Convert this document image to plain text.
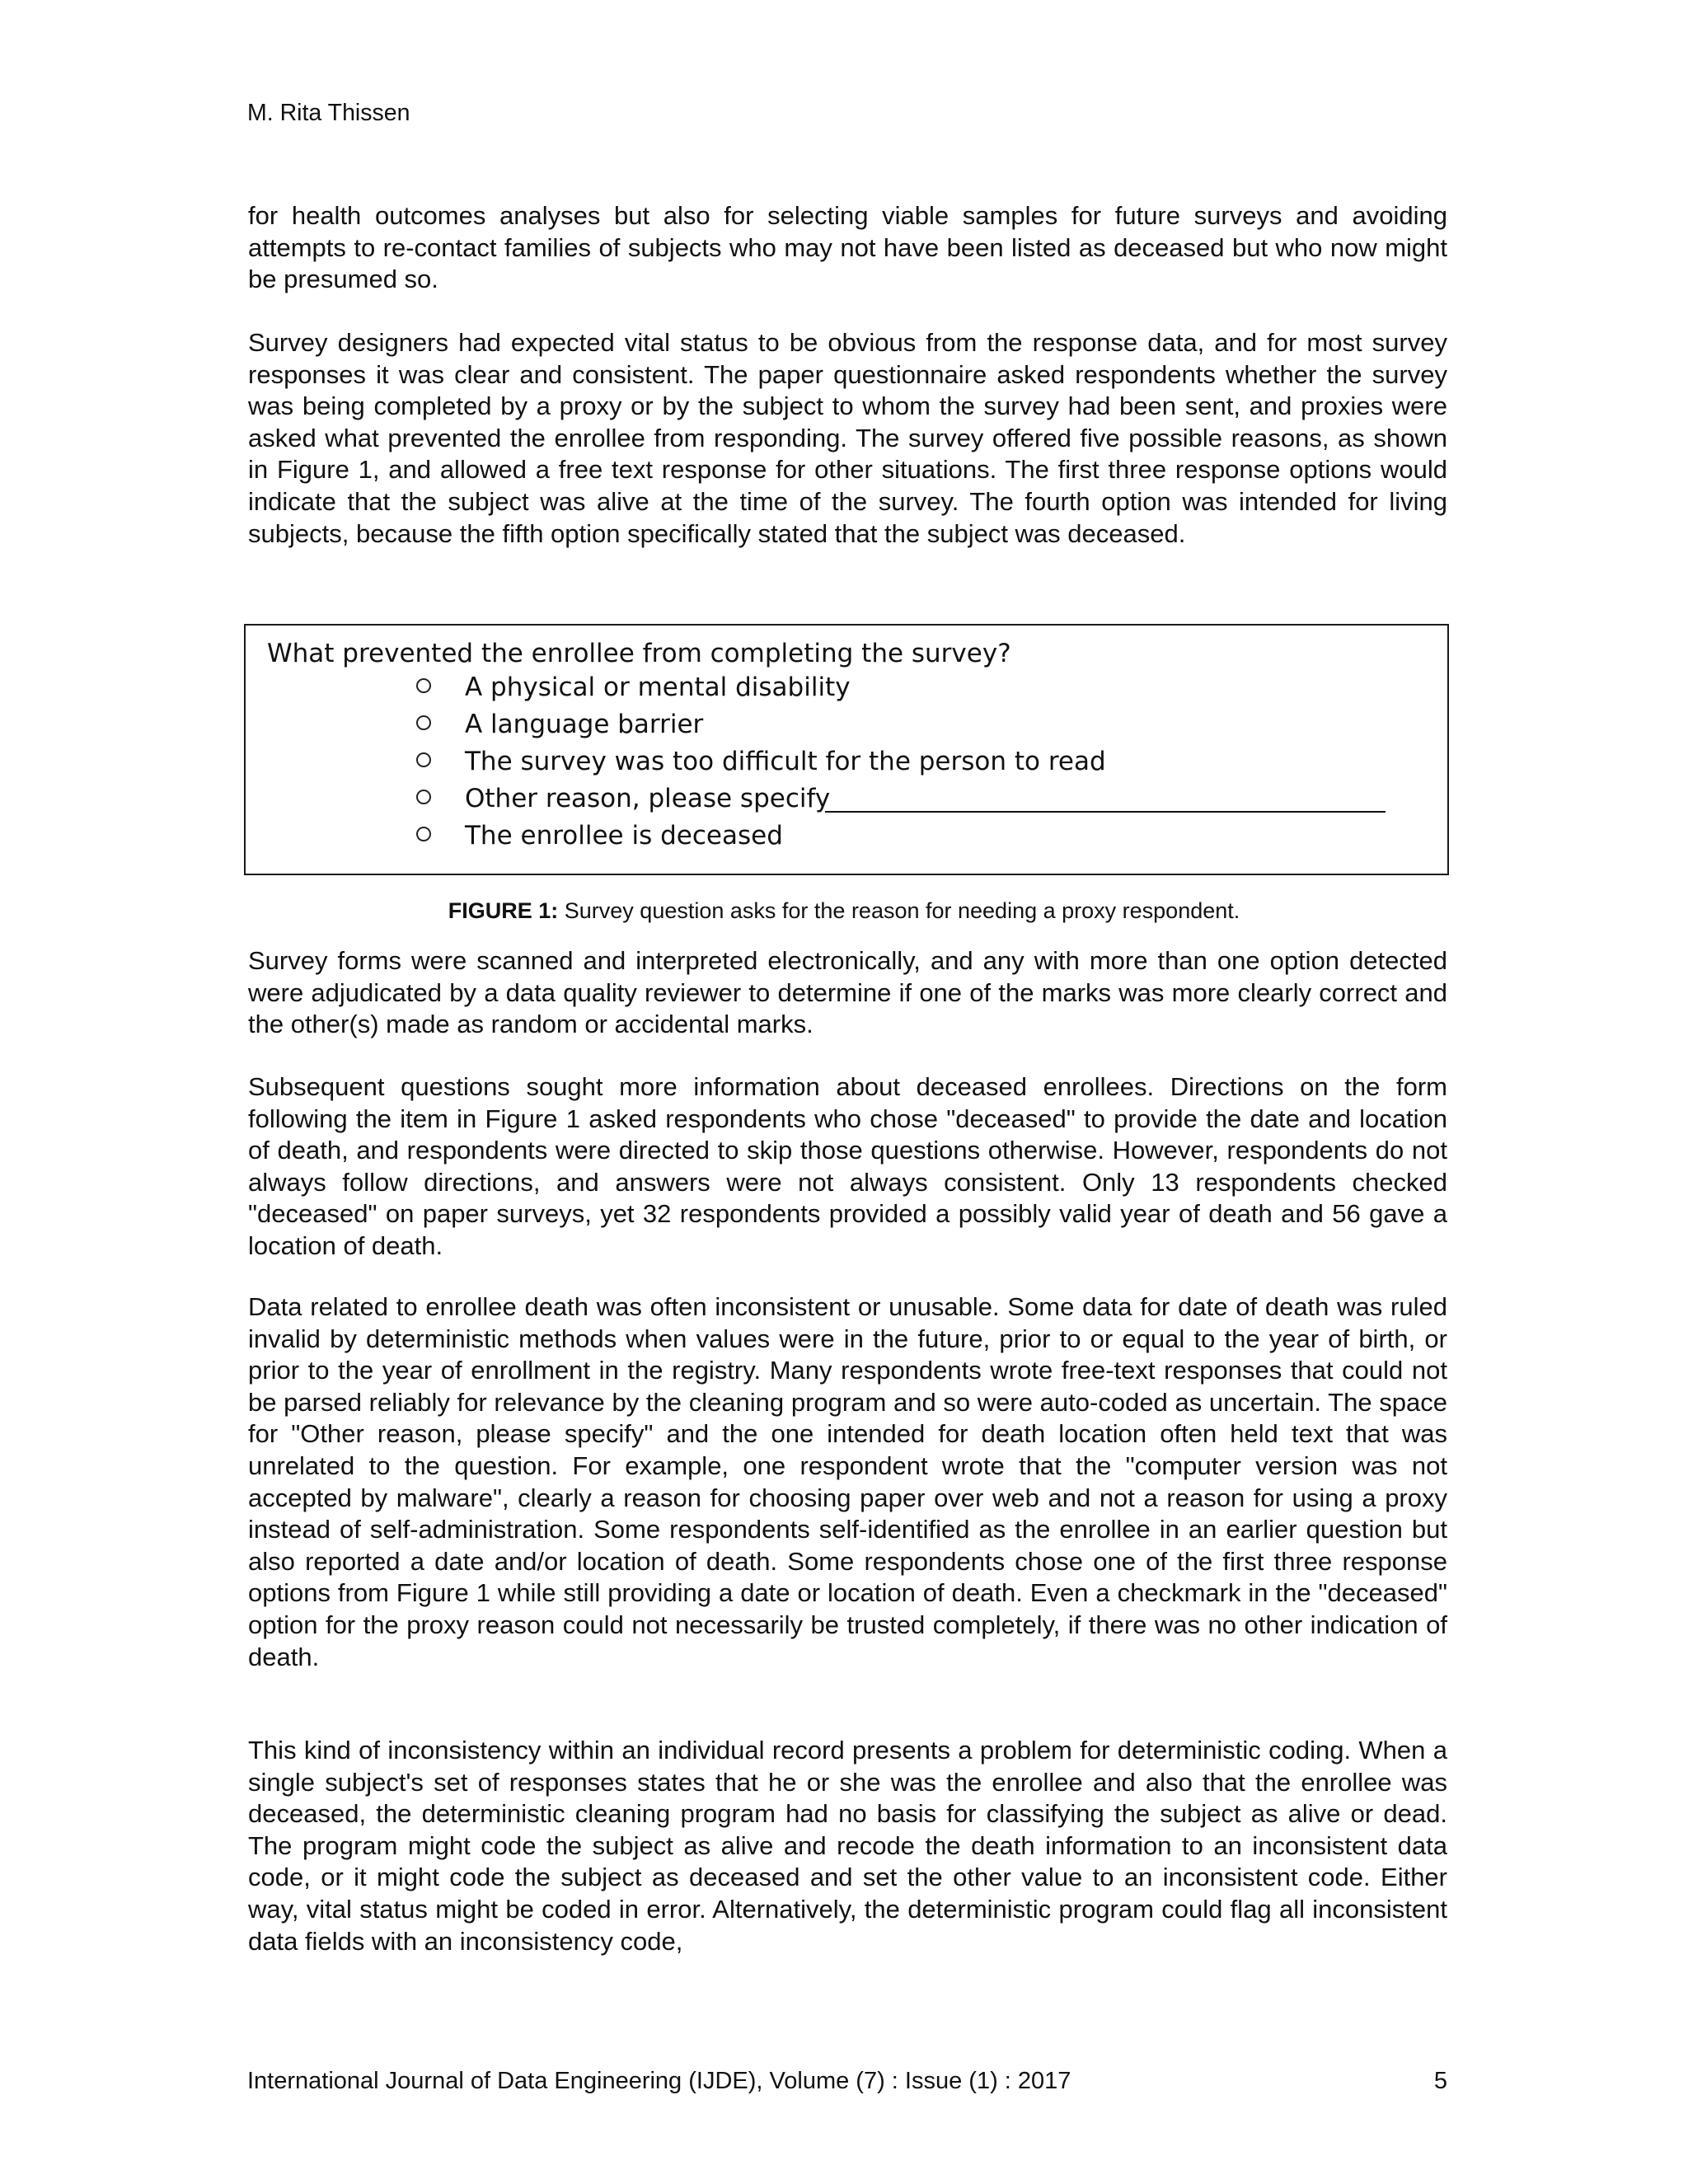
M. Rita Thissen

for health outcomes analyses but also for selecting viable samples for future surveys and avoiding attempts to re-contact families of subjects who may not have been listed as deceased but who now might be presumed so.

Survey designers had expected vital status to be obvious from the response data, and for most survey responses it was clear and consistent. The paper questionnaire asked respondents whether the survey was being completed by a proxy or by the subject to whom the survey had been sent, and proxies were asked what prevented the enrollee from responding. The survey offered five possible reasons, as shown in Figure 1, and allowed a free text response for other situations. The first three response options would indicate that the subject was alive at the time of the survey. The fourth option was intended for living subjects, because the fifth option specifically stated that the subject was deceased.

What prevented the enrollee from completing the survey?
A physical or mental disability
A language barrier
The survey was too difficult for the person to read
Other reason, please specify
The enrollee is deceased
FIGURE 1: Survey question asks for the reason for needing a proxy respondent.

Survey forms were scanned and interpreted electronically, and any with more than one option detected were adjudicated by a data quality reviewer to determine if one of the marks was more clearly correct and the other(s) made as random or accidental marks.

Subsequent questions sought more information about deceased enrollees. Directions on the form following the item in Figure 1 asked respondents who chose "deceased" to provide the date and location of death, and respondents were directed to skip those questions otherwise. However, respondents do not always follow directions, and answers were not always consistent. Only 13 respondents checked "deceased" on paper surveys, yet 32 respondents provided a possibly valid year of death and 56 gave a location of death.

Data related to enrollee death was often inconsistent or unusable. Some data for date of death was ruled invalid by deterministic methods when values were in the future, prior to or equal to the year of birth, or prior to the year of enrollment in the registry. Many respondents wrote free-text responses that could not be parsed reliably for relevance by the cleaning program and so were auto-coded as uncertain. The space for "Other reason, please specify" and the one intended for death location often held text that was unrelated to the question. For example, one respondent wrote that the "computer version was not accepted by malware", clearly a reason for choosing paper over web and not a reason for using a proxy instead of self-administration. Some respondents self-identified as the enrollee in an earlier question but also reported a date and/or location of death. Some respondents chose one of the first three response options from Figure 1 while still providing a date or location of death. Even a checkmark in the "deceased" option for the proxy reason could not necessarily be trusted completely, if there was no other indication of death.

This kind of inconsistency within an individual record presents a problem for deterministic coding. When a single subject's set of responses states that he or she was the enrollee and also that the enrollee was deceased, the deterministic cleaning program had no basis for classifying the subject as alive or dead. The program might code the subject as alive and recode the death information to an inconsistent data code, or it might code the subject as deceased and set the other value to an inconsistent code. Either way, vital status might be coded in error. Alternatively, the deterministic program could flag all inconsistent data fields with an inconsistency code,

International Journal of Data Engineering (IJDE), Volume (7) : Issue (1) : 2017	5
